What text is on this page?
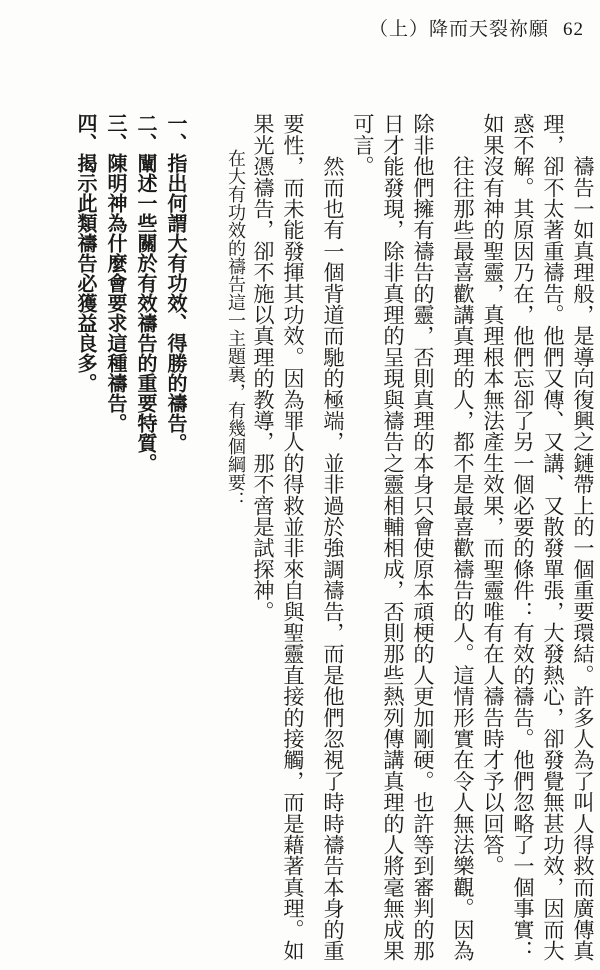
（上）降而天裂祢願 62
　　禱告一如真理般，是導向復興之鏈帶上的一個重要環結。許多人為了叫人得救而廣傳真
理，卻不太著重禱告。他們又傳、又講、又散發單張，大發熱心，卻發覺無甚功效，因而大
惑不解。其原因乃在，他們忘卻了另一個必要的條件：有效的禱告。他們忽略了一個事實：
如果沒有神的聖靈，真理根本無法產生效果，而聖靈唯有在人禱告時才予以回答。
　　往往那些最喜歡講真理的人，都不是最喜歡禱告的人。這情形實在令人無法樂觀。因為
除非他們擁有禱告的靈，否則真理的本身只會使原本頑梗的人更加剛硬。也許等到審判的那
日才能發現，除非真理的呈現與禱告之靈相輔相成，否則那些熱列傳講真理的人將毫無成果
可言。
　　然而也有一個背道而馳的極端，並非過於強調禱告，而是他們忽視了時時禱告本身的重
要性，而未能發揮其功效。因為罪人的得救並非來自與聖靈直接的接觸，而是藉著真理。如
果光憑禱告，卻不施以真理的教導，那不啻是試探神。
　　在大有功效的禱告這一主題裏，有幾個綱要：
一、指出何謂大有功效、得勝的禱告。
二、闡述一些關於有效禱告的重要特質。
三、陳明神為什麼會要求這種禱告。
四、揭示此類禱告必獲益良多。
